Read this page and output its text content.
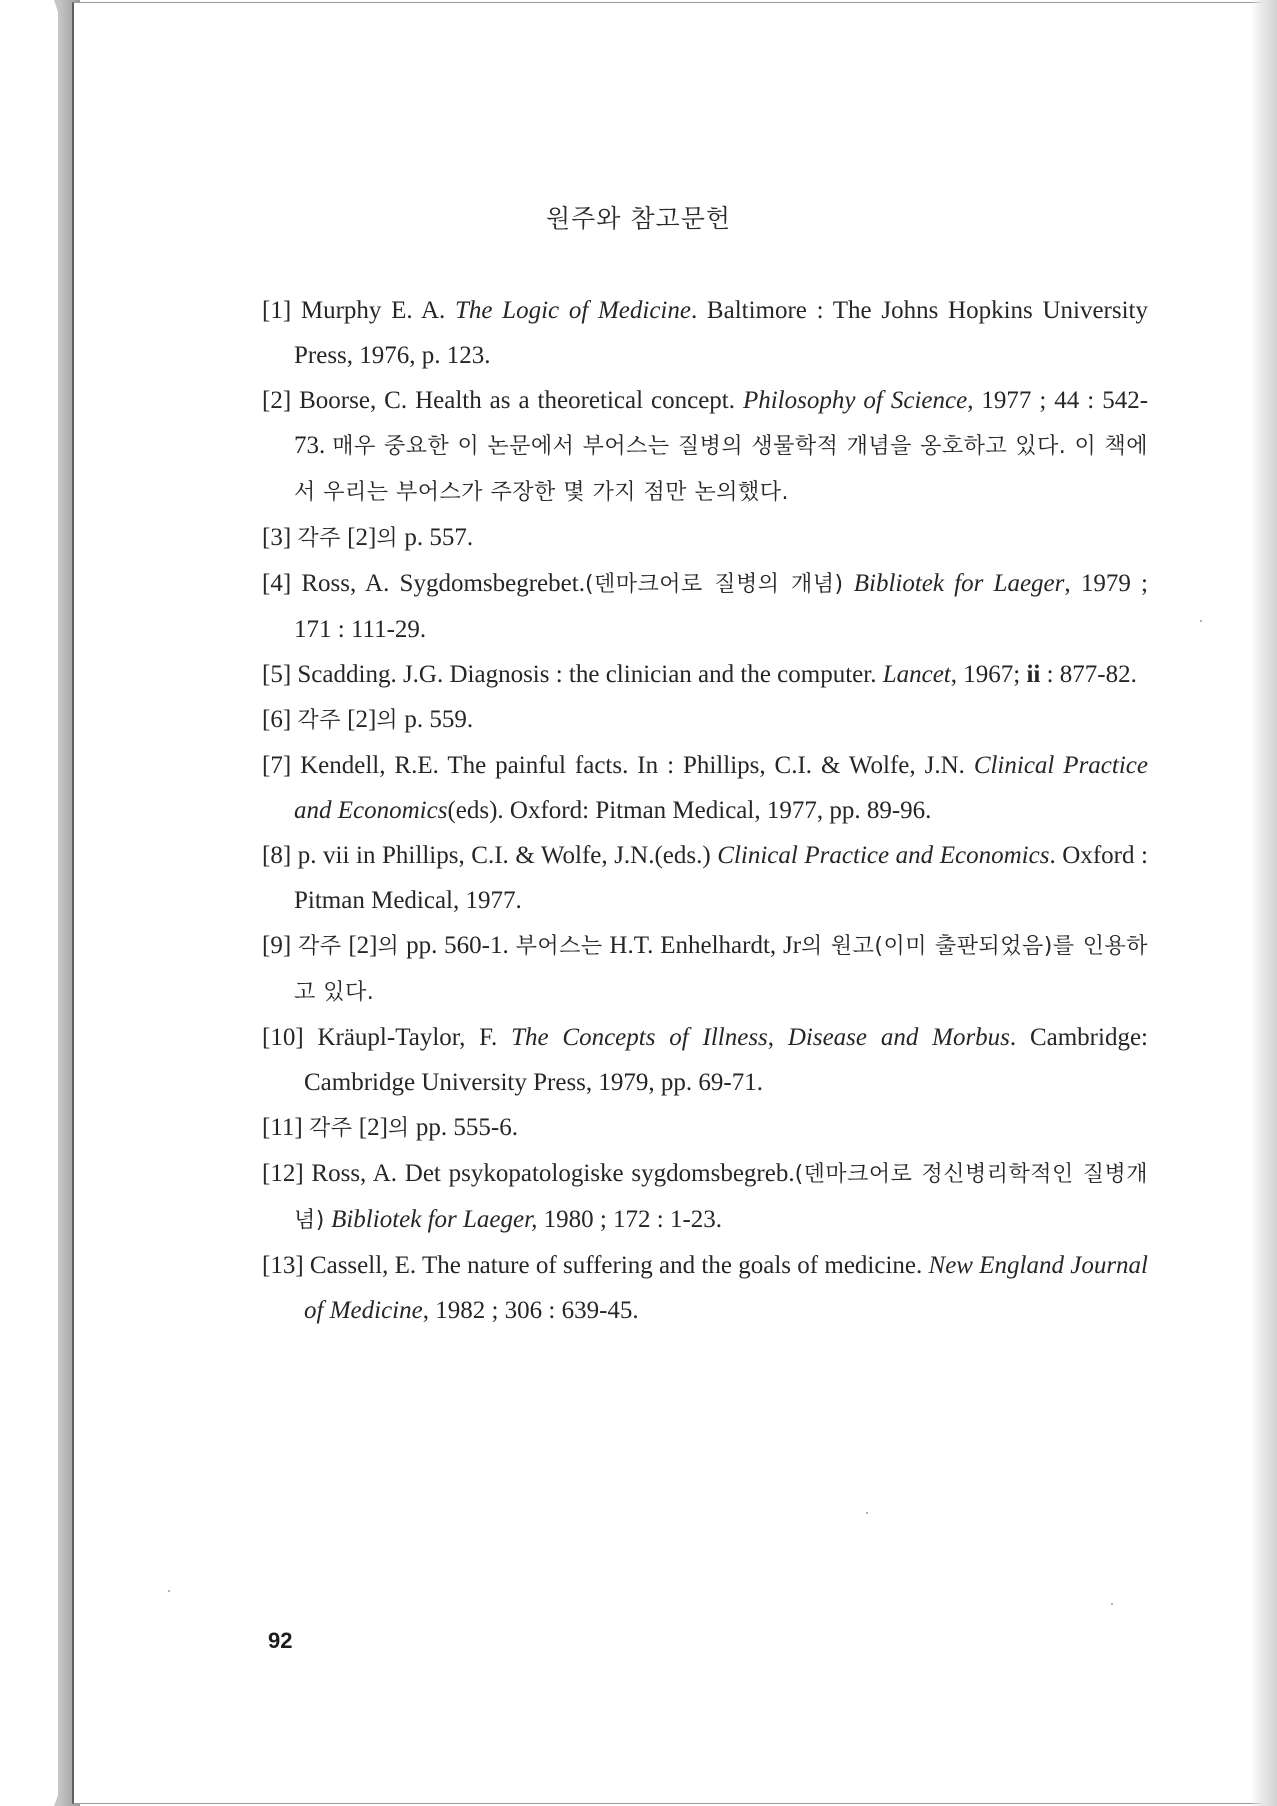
원주와 참고문헌

[1] Murphy E. A. The Logic of Medicine. Baltimore : The Johns Hopkins University Press, 1976, p. 123.

[2] Boorse, C. Health as a theoretical concept. Philosophy of Science, 1977 ; 44 : 542-73. 매우 중요한 이 논문에서 부어스는 질병의 생물학적 개념을 옹호하고 있다. 이 책에서 우리는 부어스가 주장한 몇 가지 점만 논의했다.

[3] 각주 [2]의 p. 557.

[4] Ross, A. Sygdomsbegrebet.(덴마크어로 질병의 개념) Bibliotek for Laeger, 1979 ; 171 : 111-29.

[5] Scadding. J.G. Diagnosis : the clinician and the computer. Lancet, 1967; ii : 877-82.

[6] 각주 [2]의 p. 559.

[7] Kendell, R.E. The painful facts. In : Phillips, C.I. & Wolfe, J.N. Clinical Practice and Economics(eds). Oxford: Pitman Medical, 1977, pp. 89-96.

[8] p. vii in Phillips, C.I. & Wolfe, J.N.(eds.) Clinical Practice and Economics. Oxford : Pitman Medical, 1977.

[9] 각주 [2]의 pp. 560-1. 부어스는 H.T. Enhelhardt, Jr의 원고(이미 출판되었음)를 인용하고 있다.

[10] Kräupl-Taylor, F. The Concepts of Illness, Disease and Morbus. Cambridge: Cambridge University Press, 1979, pp. 69-71.

[11] 각주 [2]의 pp. 555-6.

[12] Ross, A. Det psykopatologiske sygdomsbegreb.(덴마크어로 정신병리학적인 질병개념) Bibliotek for Laeger, 1980 ; 172 : 1-23.

[13] Cassell, E. The nature of suffering and the goals of medicine. New England Journal of Medicine, 1982 ; 306 : 639-45.

92
